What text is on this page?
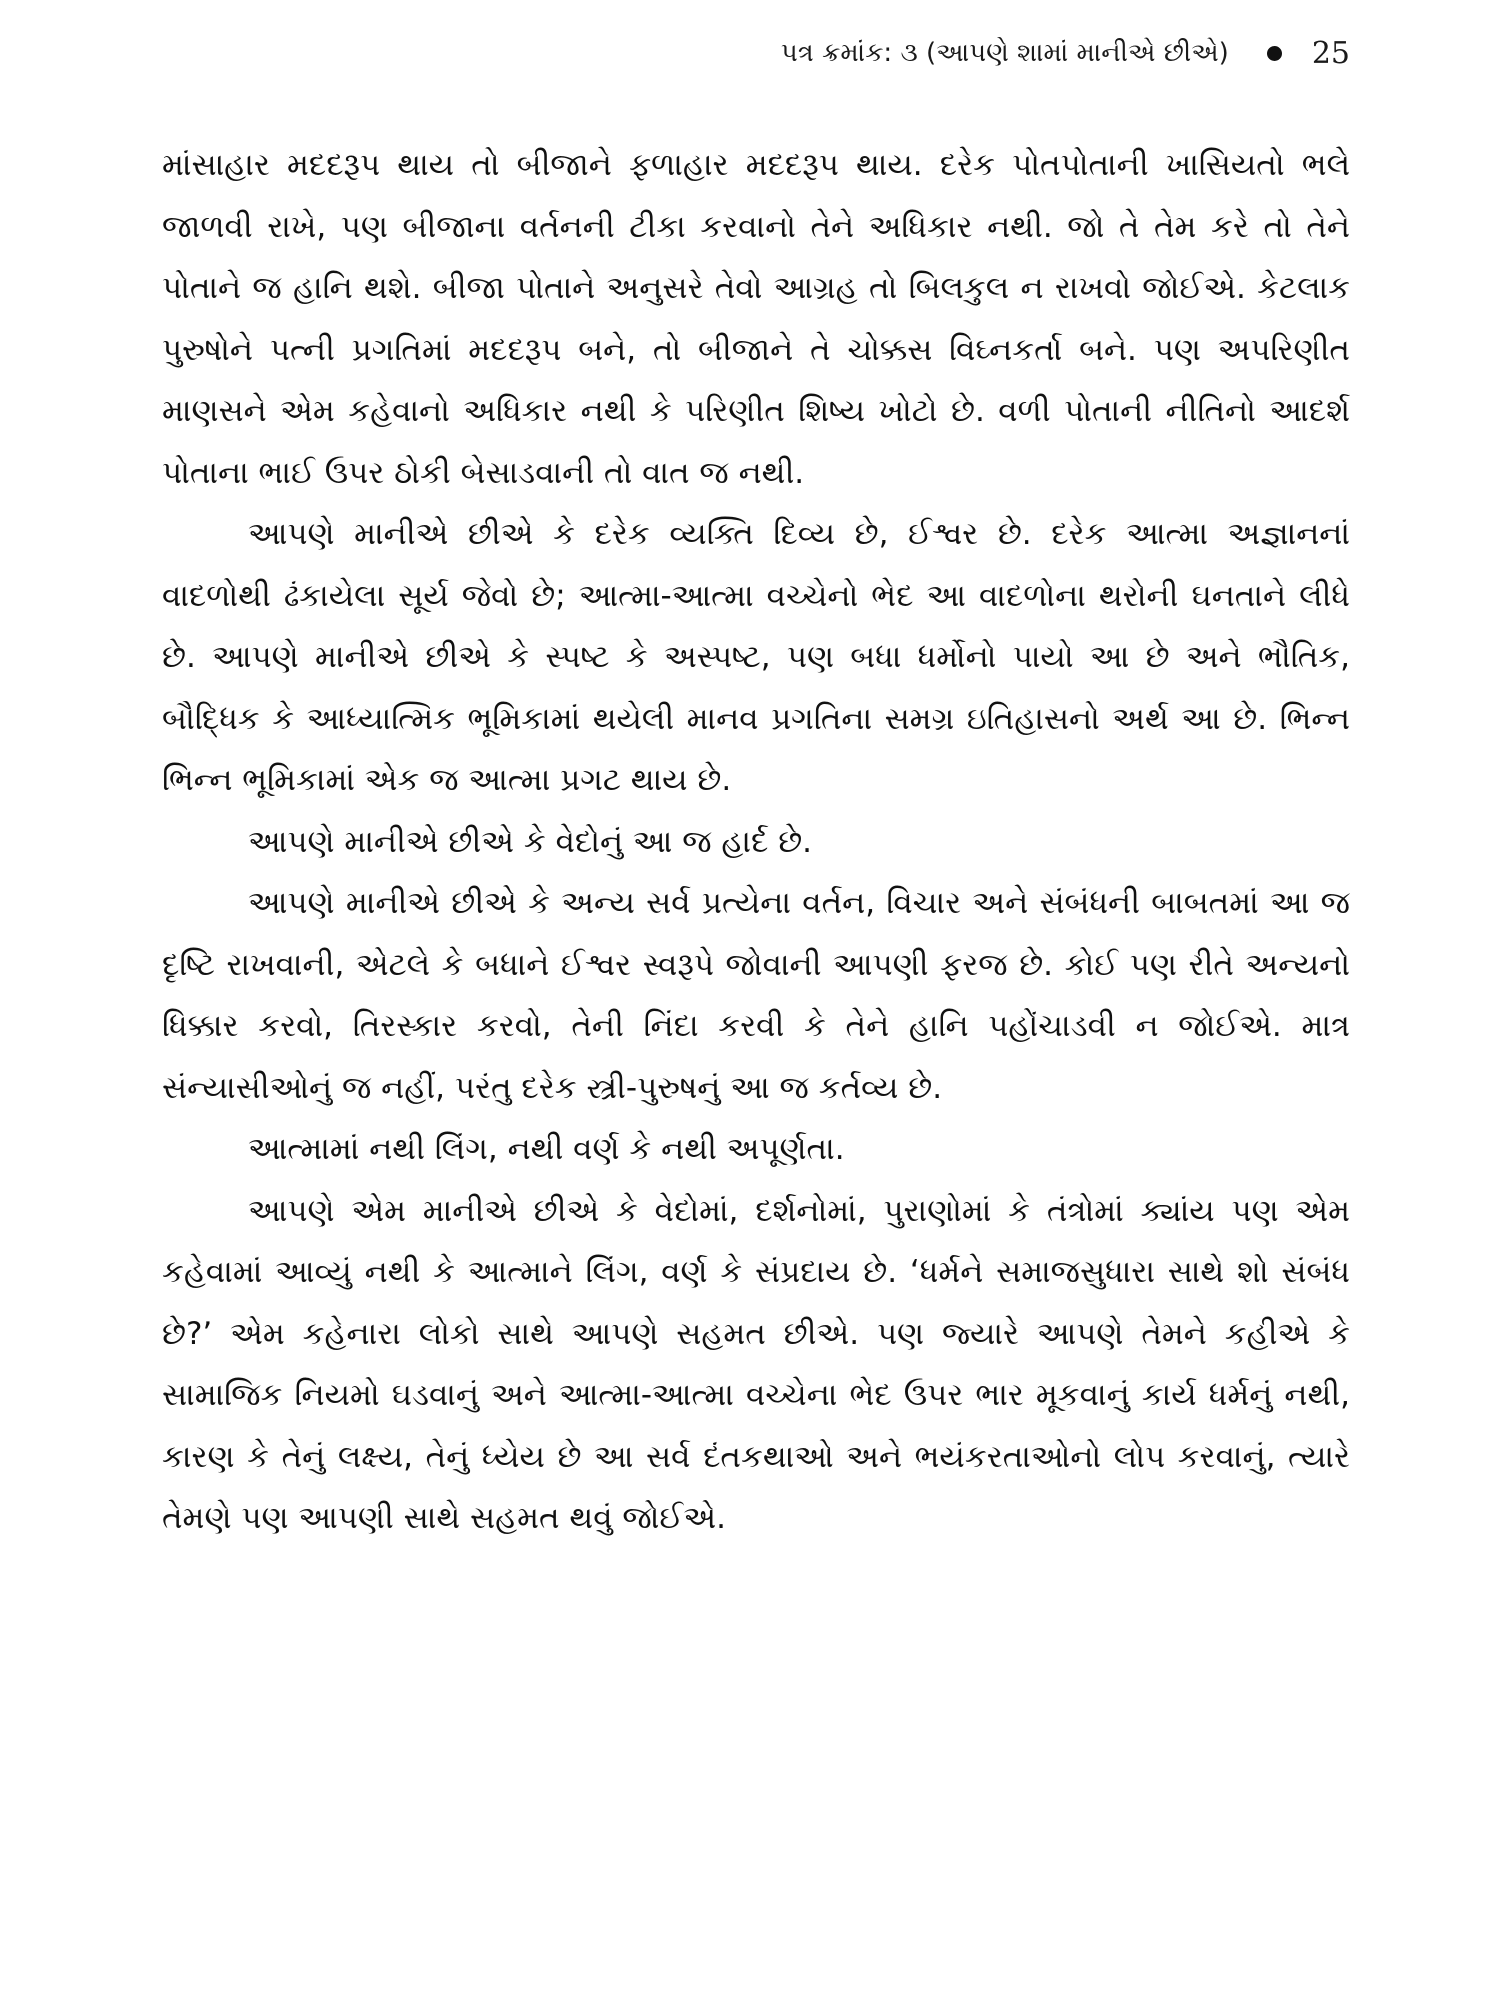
પત્ર ક્રમાંક: ૩ (આપણે શામાં માનીએ છીએ)	25

માંસાહાર મદદરૂપ થાય તો બીજાને ફળાહાર મદદરૂપ થાય. દરેક પોતપોતાની ખાસિયતો ભલે જાળવી રાખે, પણ બીજાના વર્તનની ટીકા કરવાનો તેને અધિકાર નથી. જો તે તેમ કરે તો તેને પોતાને જ હાનિ થશે. બીજા પોતાને અનુસરે તેવો આગ્રહ તો બિલકુલ ન રાખવો જોઈએ. કેટલાક પુરુષોને પત્ની પ્રગતિમાં મદદરૂપ બને, તો બીજાને તે ચોક્કસ વિઘ્નકર્તા બને. પણ અપરિણીત માણસને એમ કહેવાનો અધિકાર નથી કે પરિણીત શિષ્ય ખોટો છે. વળી પોતાની નીતિનો આદર્શ પોતાના ભાઈ ઉપર ઠોકી બેસાડવાની તો વાત જ નથી.

આપણે માનીએ છીએ કે દરેક વ્યક્તિ દિવ્ય છે, ઈશ્વર છે. દરેક આત્મા અજ્ઞાનનાં વાદળોથી ઢંકાયેલા સૂર્ય જેવો છે; આત્મા-આત્મા વચ્ચેનો ભેદ આ વાદળોના થરોની ઘનતાને લીધે છે. આપણે માનીએ છીએ કે સ્પષ્ટ કે અસ્પષ્ટ, પણ બધા ધર્મોનો પાયો આ છે અને ભૌતિક, બૌદ્ધિક કે આધ્યાત્મિક ભૂમિકામાં થયેલી માનવ પ્રગતિના સમગ્ર ઇતિહાસનો અર્થ આ છે. ભિન્ન ભિન્ન ભૂમિકામાં એક જ આત્મા પ્રગટ થાય છે.

આપણે માનીએ છીએ કે વેદોનું આ જ હાર્દ છે.

આપણે માનીએ છીએ કે અન્ય સર્વ પ્રત્યેના વર્તન, વિચાર અને સંબંધની બાબતમાં આ જ દૃષ્ટિ રાખવાની, એટલે કે બધાને ઈશ્વર સ્વરૂપે જોવાની આપણી ફરજ છે. કોઈ પણ રીતે અન્યનો ધિક્કાર કરવો, તિરસ્કાર કરવો, તેની નિંદા કરવી કે તેને હાનિ પહોંચાડવી ન જોઈએ. માત્ર સંન્યાસીઓનું જ નહીં, પરંતુ દરેક સ્ત્રી-પુરુષનું આ જ કર્તવ્ય છે.

આત્મામાં નથી લિંગ, નથી વર્ણ કે નથી અપૂર્ણતા.

આપણે એમ માનીએ છીએ કે વેદોમાં, દર્શનોમાં, પુરાણોમાં કે તંત્રોમાં ક્યાંય પણ એમ કહેવામાં આવ્યું નથી કે આત્માને લિંગ, વર્ણ કે સંપ્રદાય છે. ‘ધર્મને સમાજસુધારા સાથે શો સંબંધ છે?’ એમ કહેનારા લોકો સાથે આપણે સહમત છીએ. પણ જ્યારે આપણે તેમને કહીએ કે સામાજિક નિયમો ઘડવાનું અને આત્મા-આત્મા વચ્ચેના ભેદ ઉપર ભાર મૂકવાનું કાર્ય ધર્મનું નથી, કારણ કે તેનું લક્ષ્ય, તેનું ધ્યેય છે આ સર્વ દંતકથાઓ અને ભયંકરતાઓનો લોપ કરવાનું, ત્યારે તેમણે પણ આપણી સાથે સહમત થવું જોઈએ.
